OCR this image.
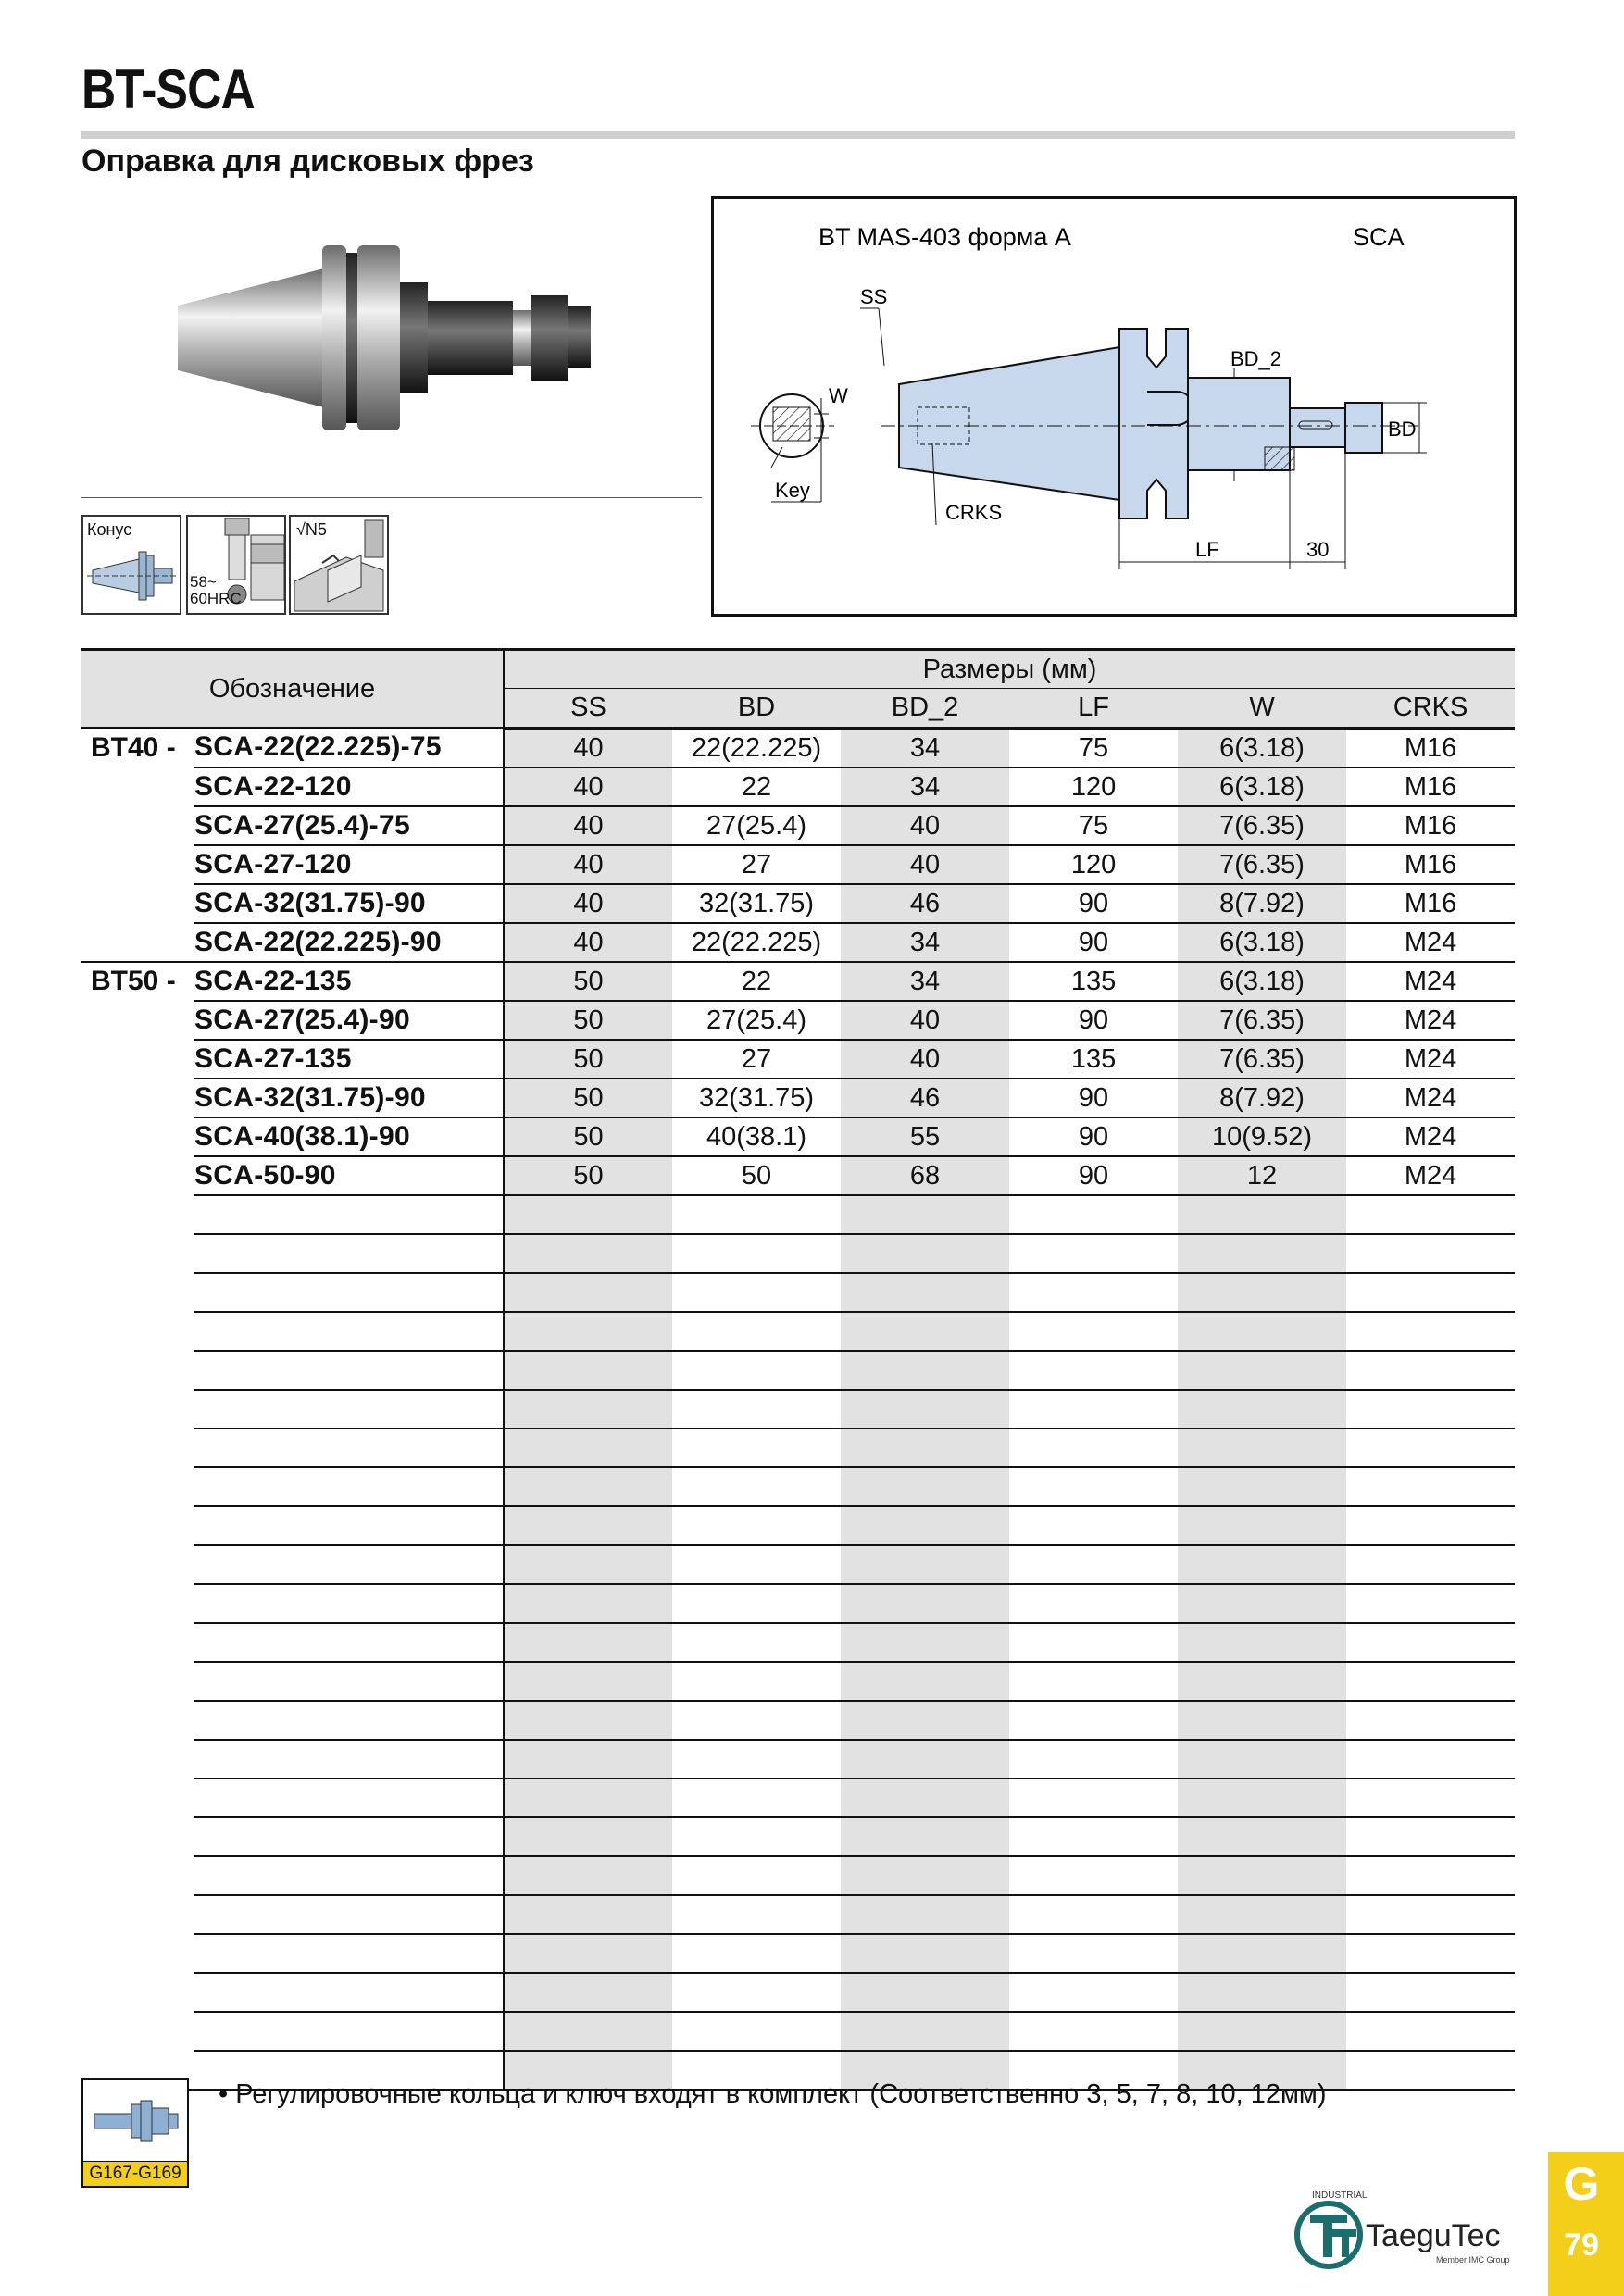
BT-SCA
Оправка для дисковых фрез
Конус
58~
60HRC
√N5
BT MAS-403 форма A	SCA
W
Key
SS
CRKS
BD_2
BD
LF	30
Обозначение		Размеры (мм)					
		SS	BD	BD_2	LF	W	CRKS
BT40 -	SCA-22(22.225)-75	40	22(22.225)	34	75	6(3.18)	M16
	SCA-22-120	40	22	34	120	6(3.18)	M16
	SCA-27(25.4)-75	40	27(25.4)	40	75	7(6.35)	M16
	SCA-27-120	40	27	40	120	7(6.35)	M16
	SCA-32(31.75)-90	40	32(31.75)	46	90	8(7.92)	M16
	SCA-22(22.225)-90	40	22(22.225)	34	90	6(3.18)	M24
BT50 -	SCA-22-135	50	22	34	135	6(3.18)	M24
	SCA-27(25.4)-90	50	27(25.4)	40	90	7(6.35)	M24
	SCA-27-135	50	27	40	135	7(6.35)	M24
	SCA-32(31.75)-90	50	32(31.75)	46	90	8(7.92)	M24
	SCA-40(38.1)-90	50	40(38.1)	55	90	10(9.52)	M24
	SCA-50-90	50	50	68	90	12	M24

G167-G169
• Регулировочные кольца и ключ входят в комплект (Соответственно 3, 5, 7, 8, 10, 12мм)
INDUSTRIAL
TaeguTec
Member IMC Group
G
79
